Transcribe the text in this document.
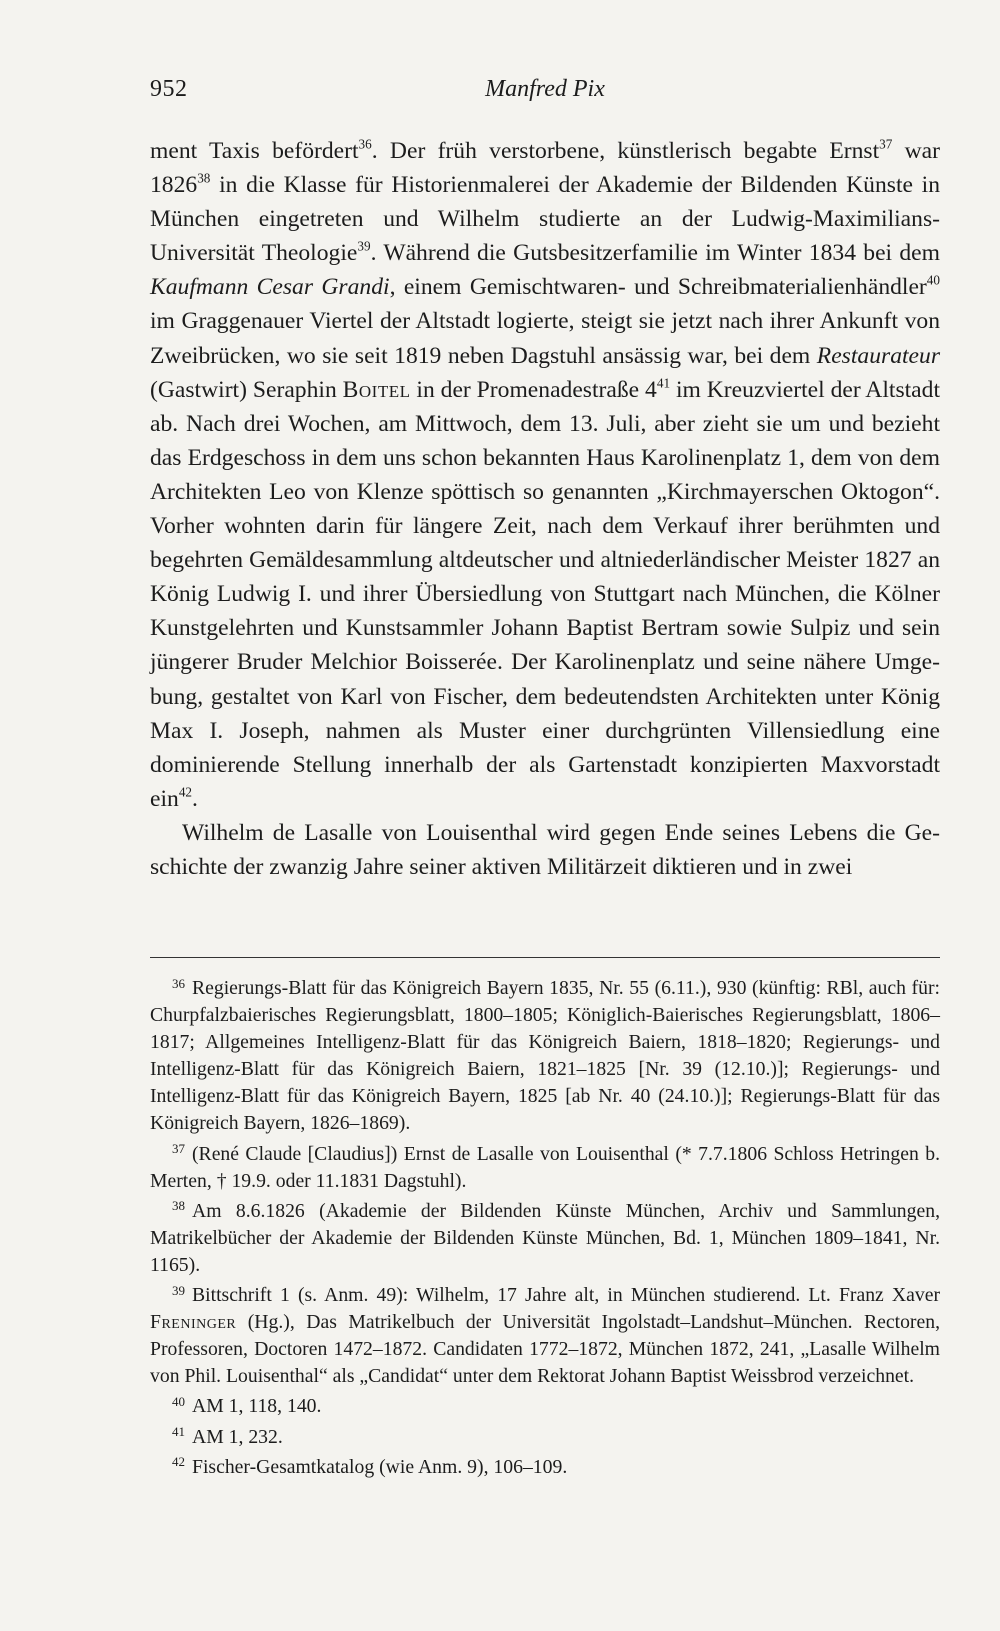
952	Manfred Pix

ment Taxis befördert$^{36}$. Der früh verstorbene, künstlerisch begabte Ernst$^{37}$ war 1826$^{38}$ in die Klasse für Historienmalerei der Akademie der Bildenden Künste in München eingetreten und Wilhelm studierte an der Ludwig-Maximilians-Universität Theologie$^{39}$. Während die Gutsbesitzerfamilie im Winter 1834 bei dem Kaufmann Cesar Grandi, einem Gemischtwaren- und Schreibmaterialienhändler$^{40}$ im Graggenauer Viertel der Altstadt logierte, steigt sie jetzt nach ihrer Ankunft von Zweibrücken, wo sie seit 1819 neben Dagstuhl ansässig war, bei dem Restaurateur (Gastwirt) Seraphin Boitel in der Promenadestraße $4^{41}$ im Kreuzviertel der Altstadt ab. Nach drei Wochen, am Mittwoch, dem 13. Juli, aber zieht sie um und bezieht das Erdgeschoss in dem uns schon bekannten Haus Karolinenplatz 1, dem von dem Architekten Leo von Klenze spöttisch so genannten „Kirchmayerschen Oktogon“. Vorher wohnten darin für längere Zeit, nach dem Verkauf ihrer berühmten und begehrten Gemäldesammlung altdeutscher und altniederländischer Meister 1827 an König Ludwig I. und ihrer Übersiedlung von Stuttgart nach München, die Kölner Kunstgelehrten und Kunstsammler Johann Baptist Bertram sowie Sulpiz und sein jüngerer Bruder Melchior Boisserée. Der Karolinenplatz und seine nähere Umgebung, gestaltet von Karl von Fischer, dem bedeutendsten Architekten unter König Max I. Joseph, nahmen als Muster einer durchgrünten Villensiedlung eine dominierende Stellung innerhalb der als Gartenstadt konzipierten Maxvorstadt ein$^{42}$.

Wilhelm de Lasalle von Louisenthal wird gegen Ende seines Lebens die Geschichte der zwanzig Jahre seiner aktiven Militärzeit diktieren und in zwei

$^{36}$ Regierungs-Blatt für das Königreich Bayern 1835, Nr. 55 (6.11.), 930 (künftig: RBl, auch für: Churpfalzbaierisches Regierungsblatt, 1800–1805; Königlich-Baierisches Regierungsblatt, 1806–1817; Allgemeines Intelligenz-Blatt für das Königreich Baiern, 1818–1820; Regierungs- und Intelligenz-Blatt für das Königreich Baiern, 1821–1825 [Nr. 39 (12.10.)]; Regierungs- und Intelligenz-Blatt für das Königreich Bayern, 1825 [ab Nr. 40 (24.10.)]; Regierungs-Blatt für das Königreich Bayern, 1826–1869).

$^{37}$ (René Claude [Claudius]) Ernst de Lasalle von Louisenthal (* 7.7.1806 Schloss Hetringen b. Merten, † 19.9. oder 11.1831 Dagstuhl).

$^{38}$ Am 8.6.1826 (Akademie der Bildenden Künste München, Archiv und Sammlungen, Matrikelbücher der Akademie der Bildenden Künste München, Bd. 1, München 1809–1841, Nr. 1165).

$^{39}$ Bittschrift 1 (s. Anm. 49): Wilhelm, 17 Jahre alt, in München studierend. Lt. Franz Xaver Freninger (Hg.), Das Matrikelbuch der Universität Ingolstadt–Landshut–München. Rectoren, Professoren, Doctoren 1472–1872. Candidaten 1772–1872, München 1872, 241, „Lasalle Wilhelm von Phil. Louisenthal“ als „Candidat“ unter dem Rektorat Johann Baptist Weissbrod verzeichnet.

$^{40}$ AM 1, 118, 140.

$^{41}$ AM 1, 232.

$^{42}$ Fischer-Gesamtkatalog (wie Anm. 9), 106–109.
